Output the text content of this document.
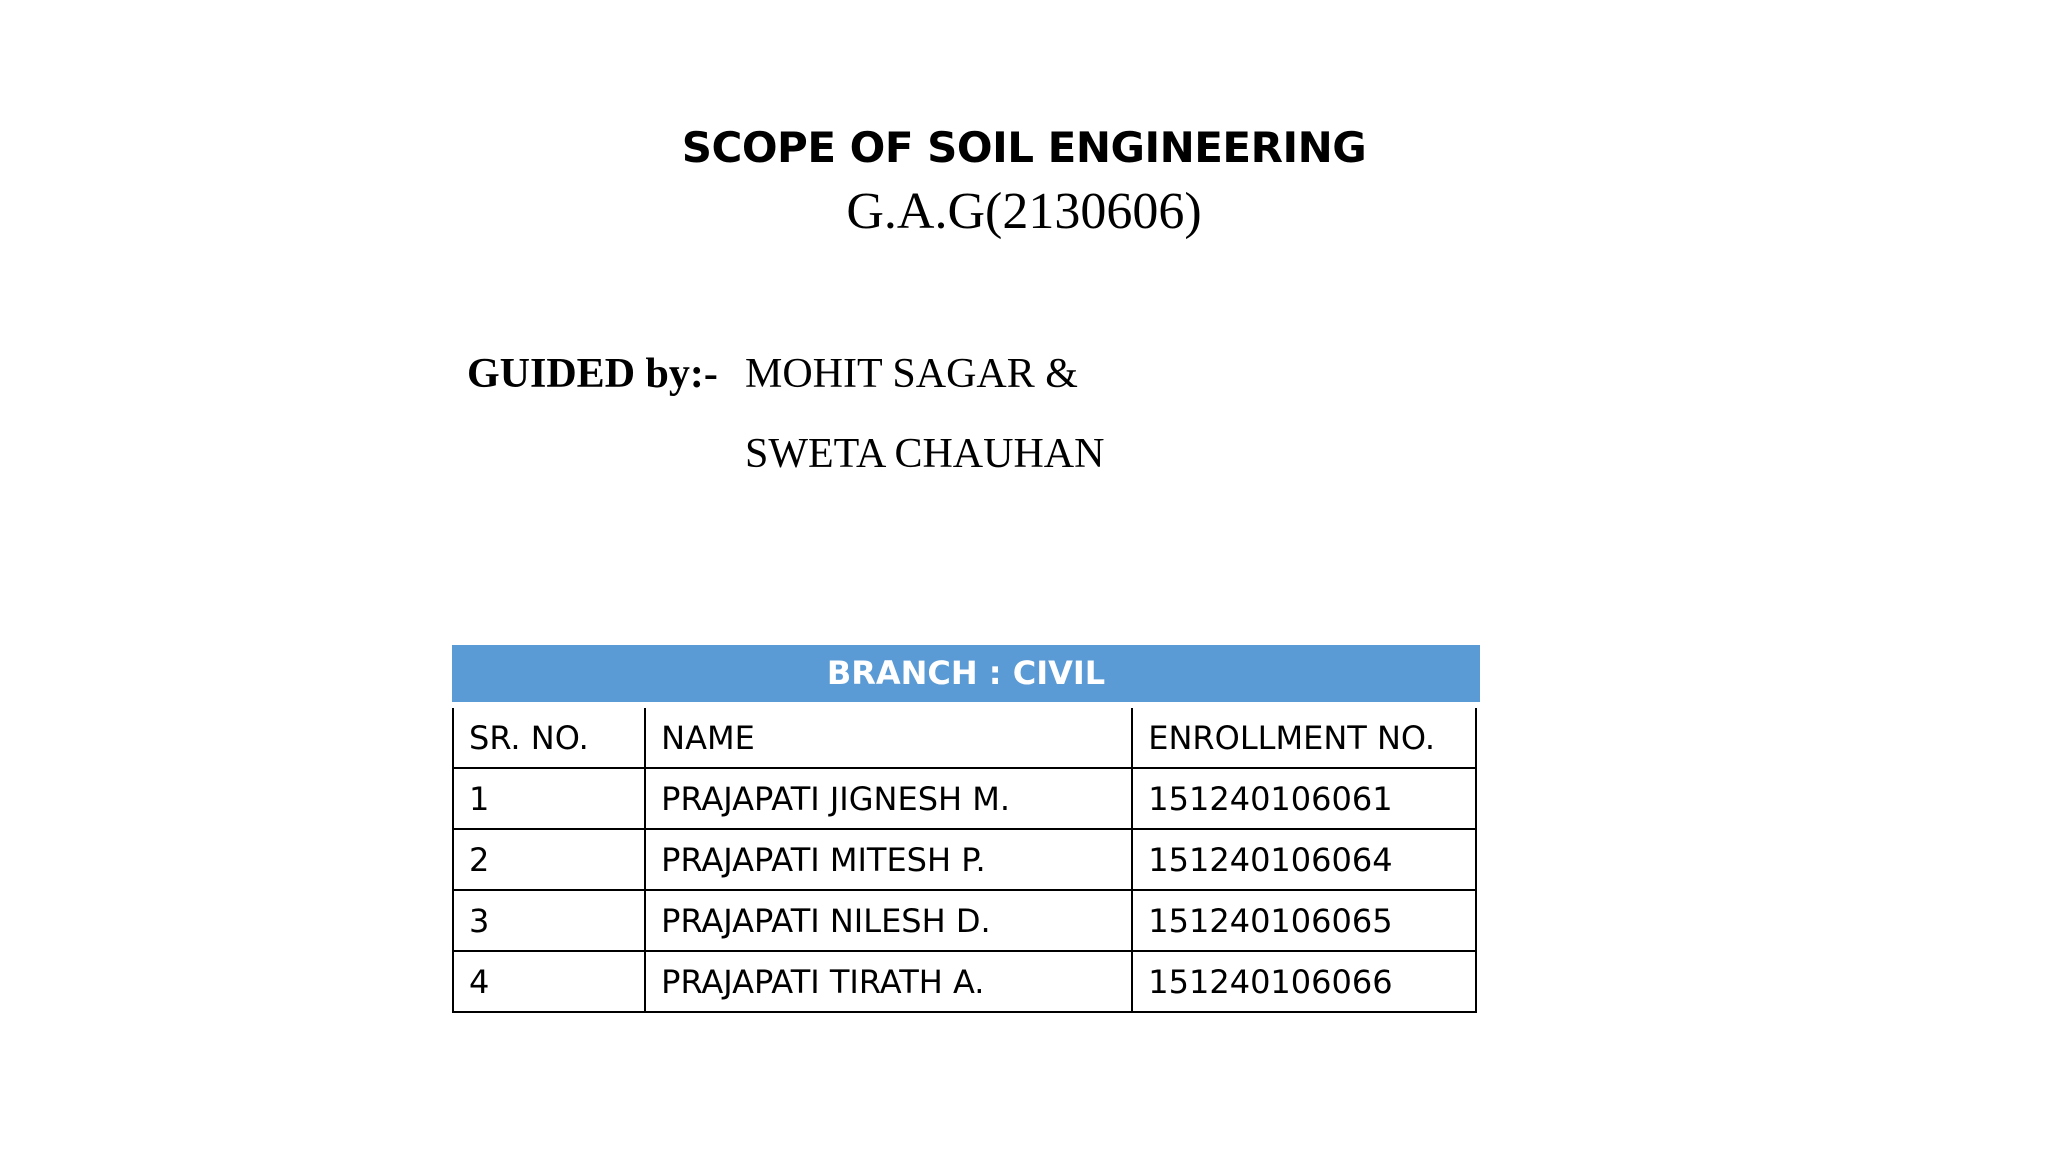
SCOPE OF SOIL ENGINEERING
G.A.G(2130606)
GUIDED by:- MOHIT SAGAR &
SWETA CHAUHAN
BRANCH : CIVIL
SR. NO.	NAME	ENROLLMENT NO.
1	PRAJAPATI JIGNESH M.	151240106061
2	PRAJAPATI MITESH P.	151240106064
3	PRAJAPATI NILESH D.	151240106065
4	PRAJAPATI TIRATH A.	151240106066
